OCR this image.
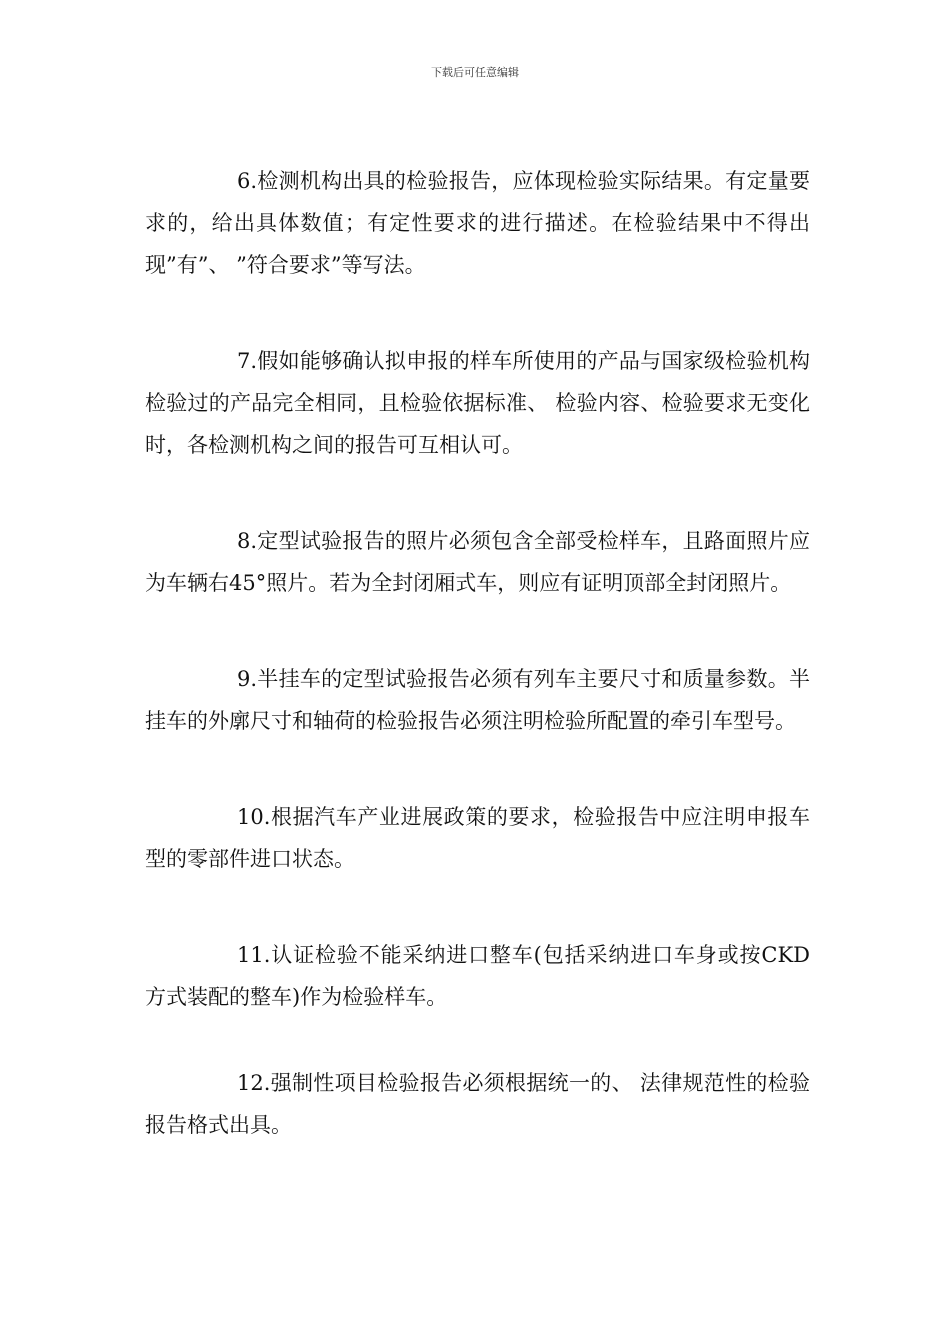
下载后可任意编辑

6.检测机构出具的检验报告，应体现检验实际结果。有定量要求的，给出具体数值；有定性要求的进行描述。在检验结果中不得出现”有”、 ”符合要求”等写法。

7.假如能够确认拟申报的样车所使用的产品与国家级检验机构检验过的产品完全相同，且检验依据标准、 检验内容、检验要求无变化时，各检测机构之间的报告可互相认可。

8.定型试验报告的照片必须包含全部受检样车，且路面照片应为车辆右45°照片。若为全封闭厢式车，则应有证明顶部全封闭照片。

9.半挂车的定型试验报告必须有列车主要尺寸和质量参数。半挂车的外廓尺寸和轴荷的检验报告必须注明检验所配置的牵引车型号。

10.根据汽车产业进展政策的要求，检验报告中应注明申报车型的零部件进口状态。

11.认证检验不能采纳进口整车(包括采纳进口车身或按CKD方式装配的整车)作为检验样车。

12.强制性项目检验报告必须根据统一的、 法律规范性的检验报告格式出具。
